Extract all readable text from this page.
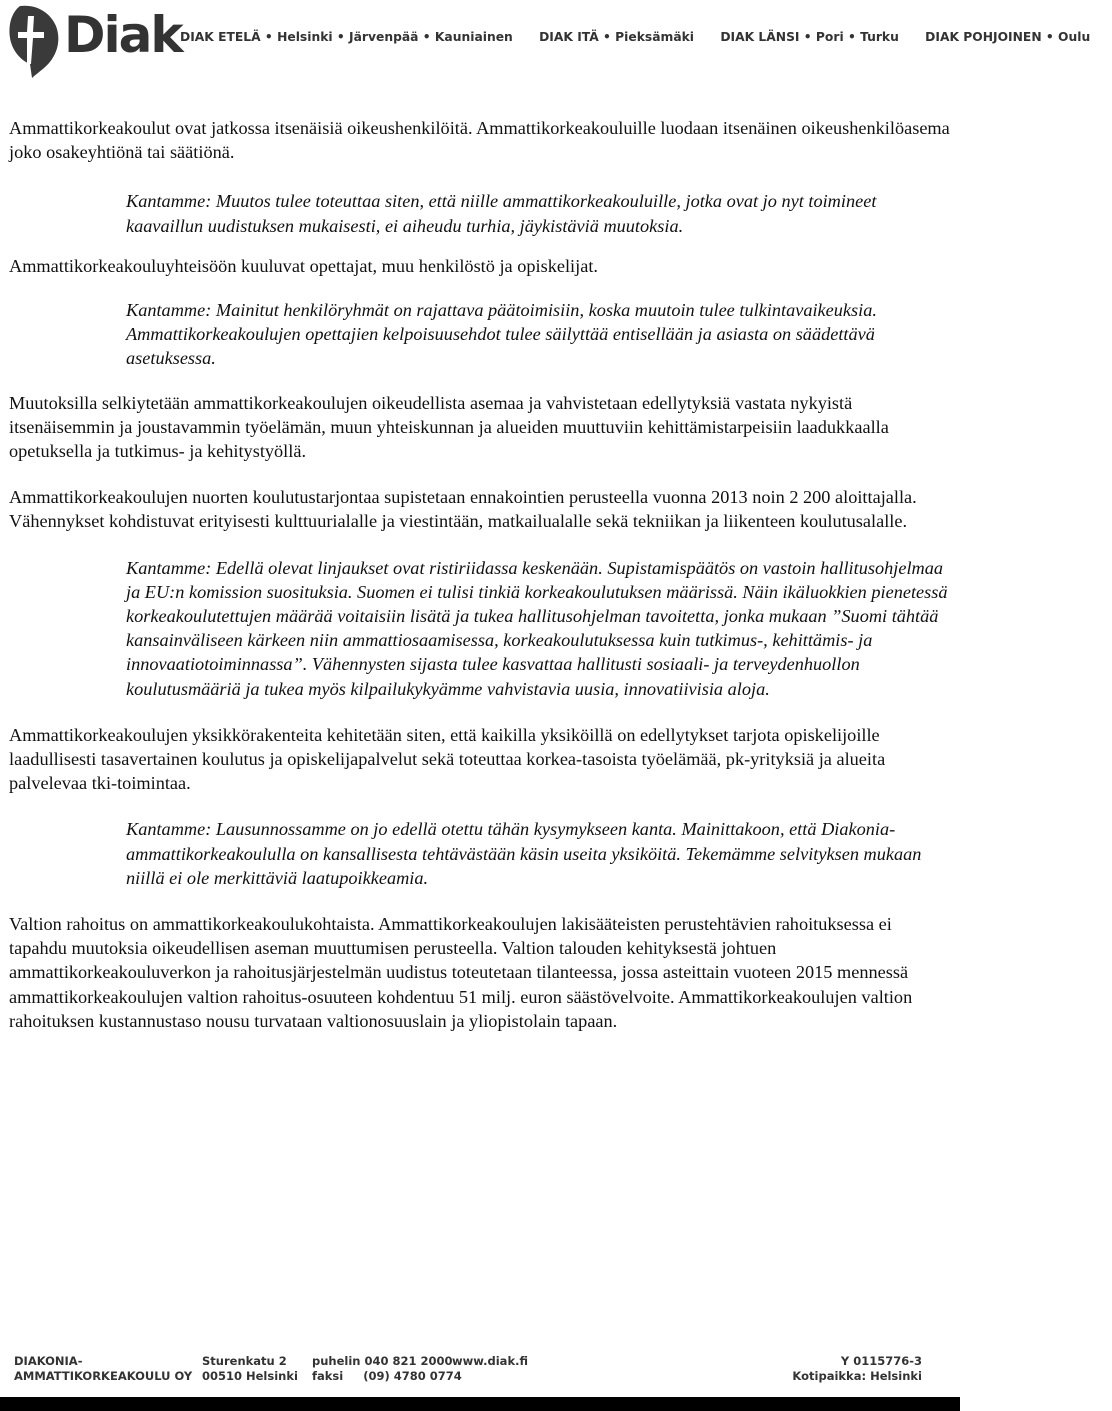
Diak
DIAK ETELÄ • Helsinki • Järvenpää • Kauniainen DIAK ITÄ • Pieksämäki DIAK LÄNSI • Pori • Turku DIAK POHJOINEN • Oulu

Ammattikorkeakoulut ovat jatkossa itsenäisiä oikeushenkilöitä. Ammattikorkeakouluille luodaan itsenäinen oikeushenkilöasema joko osakeyhtiönä tai säätiönä.

Kantamme: Muutos tulee toteuttaa siten, että niille ammattikorkeakouluille, jotka ovat jo nyt toimineet kaavaillun uudistuksen mukaisesti, ei aiheudu turhia, jäykistäviä muutoksia.

Ammattikorkeakouluyhteisöön kuuluvat opettajat, muu henkilöstö ja opiskelijat.

Kantamme: Mainitut henkilöryhmät on rajattava päätoimisiin, koska muutoin tulee tulkintavaikeuksia.

Ammattikorkeakoulujen opettajien kelpoisuusehdot tulee säilyttää entisellään ja asiasta on säädettävä asetuksessa.

Muutoksilla selkiytetään ammattikorkeakoulujen oikeudellista asemaa ja vahvistetaan edellytyksiä vastata nykyistä itsenäisemmin ja joustavammin työelämän, muun yhteiskunnan ja alueiden muuttuviin kehittämistarpeisiin laadukkaalla opetuksella ja tutkimus- ja kehitystyöllä.

Ammattikorkeakoulujen nuorten koulutustarjontaa supistetaan ennakointien perusteella vuonna 2013 noin 2 200 aloittajalla. Vähennykset kohdistuvat erityisesti kulttuurialalle ja viestintään, matkailualalle sekä tekniikan ja liikenteen koulutusalalle.

Kantamme: Edellä olevat linjaukset ovat ristiriidassa keskenään. Supistamispäätös on vastoin hallitusohjelmaa ja EU:n komission suosituksia. Suomen ei tulisi tinkiä korkeakoulutuksen määrissä. Näin ikäluokkien pienetessä korkeakoulutettujen määrää voitaisiin lisätä ja tukea hallitusohjelman tavoitetta, jonka mukaan ”Suomi tähtää kansainväliseen kärkeen niin ammattiosaamisessa, korkeakoulutuksessa kuin tutkimus-, kehittämis- ja innovaatiotoiminnassa”. Vähennysten sijasta tulee kasvattaa hallitusti sosiaali- ja terveydenhuollon koulutusmääriä ja tukea myös kilpailukykyämme vahvistavia uusia, innovatiivisia aloja.

Ammattikorkeakoulujen yksikkörakenteita kehitetään siten, että kaikilla yksiköillä on edellytykset tarjota opiskelijoille laadullisesti tasavertainen koulutus ja opiskelijapalvelut sekä toteuttaa korkea-tasoista työelämää, pk-yrityksiä ja alueita palvelevaa tki-toimintaa.

Kantamme: Lausunnossamme on jo edellä otettu tähän kysymykseen kanta. Mainittakoon, että Diakonia-ammattikorkeakoululla on kansallisesta tehtävästään käsin useita yksiköitä. Tekemämme selvityksen mukaan niillä ei ole merkittäviä laatupoikkeamia.

Valtion rahoitus on ammattikorkeakoulukohtaista. Ammattikorkeakoulujen lakisääteisten perustehtävien rahoituksessa ei tapahdu muutoksia oikeudellisen aseman muuttumisen perusteella. Valtion talouden kehityksestä johtuen ammattikorkeakouluverkon ja rahoitusjärjestelmän uudistus toteutetaan tilanteessa, jossa asteittain vuoteen 2015 mennessä ammattikorkeakoulujen valtion rahoitus-osuuteen kohdentuu 51 milj. euron säästövelvoite. Ammattikorkeakoulujen valtion rahoituksen kustannustaso nousu turvataan valtionosuuslain ja yliopistolain tapaan.

DIAKONIA-
AMMATTIKORKEAKOULU OY
Sturenkatu 2
00510 Helsinki
puhelin 040 821 2000
faksi     (09) 4780 0774
www.diak.fi	Y 0115776-3
Kotipaikka: Helsinki
